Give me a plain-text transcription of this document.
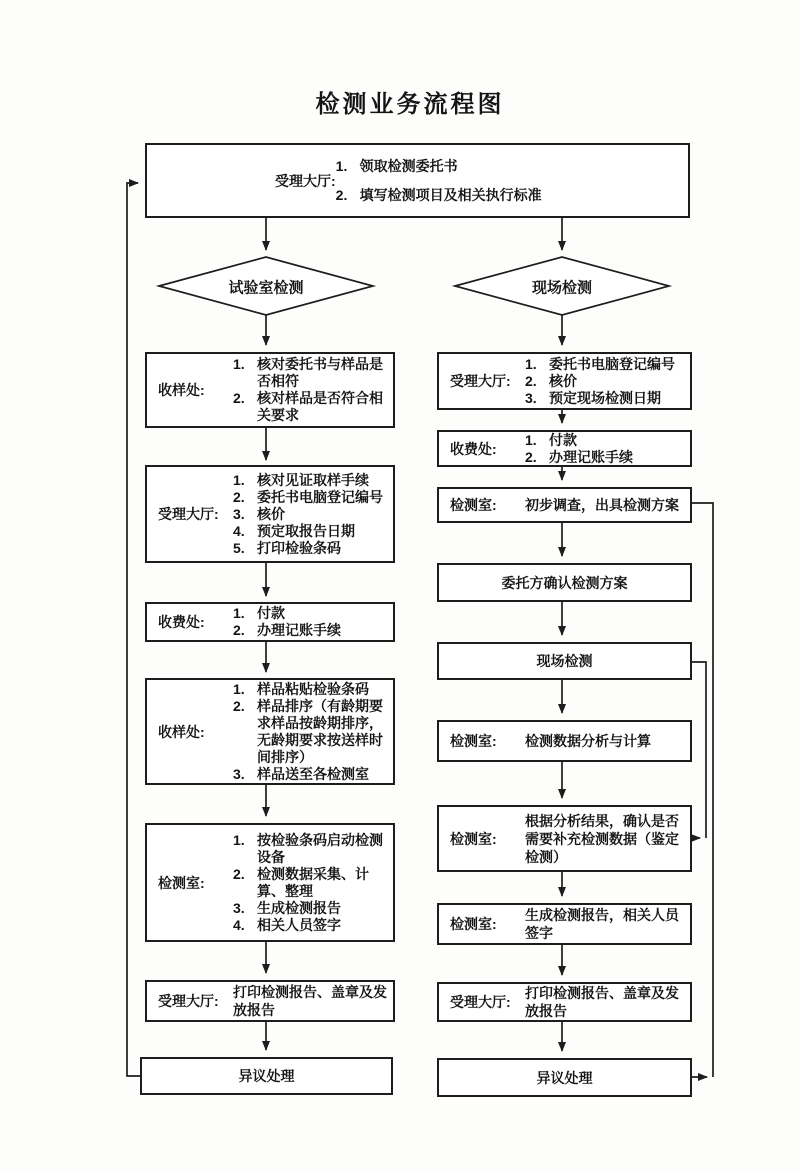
检测业务流程图
受理大厅:
1. 领取检测委托书
2. 填写检测项目及相关执行标准
试验室检测	现场检测
收样处:
1. 核对委托书与样品是否相符
2. 核对样品是否符合相关要求
受理大厅:
1. 核对见证取样手续
2. 委托书电脑登记编号
3. 核价
4. 预定取报告日期
5. 打印检验条码
收费处:
1. 付款
2. 办理记账手续
收样处:
1. 样品粘贴检验条码
2. 样品排序（有龄期要求样品按龄期排序，无龄期要求按送样时间排序）
3. 样品送至各检测室
检测室:
1. 按检验条码启动检测设备
2. 检测数据采集、计算、整理
3. 生成检测报告
4. 相关人员签字
受理大厅:
打印检测报告、盖章及发放报告
异议处理
受理大厅:
1. 委托书电脑登记编号
2. 核价
3. 预定现场检测日期
收费处:
1. 付款
2. 办理记账手续
检测室:	初步调查，出具检测方案
委托方确认检测方案
现场检测
检测室:	检测数据分析与计算
检测室:
根据分析结果，确认是否需要补充检测数据（鉴定检测）
检测室:
生成检测报告，相关人员签字
受理大厅:
打印检测报告、盖章及发放报告
异议处理
